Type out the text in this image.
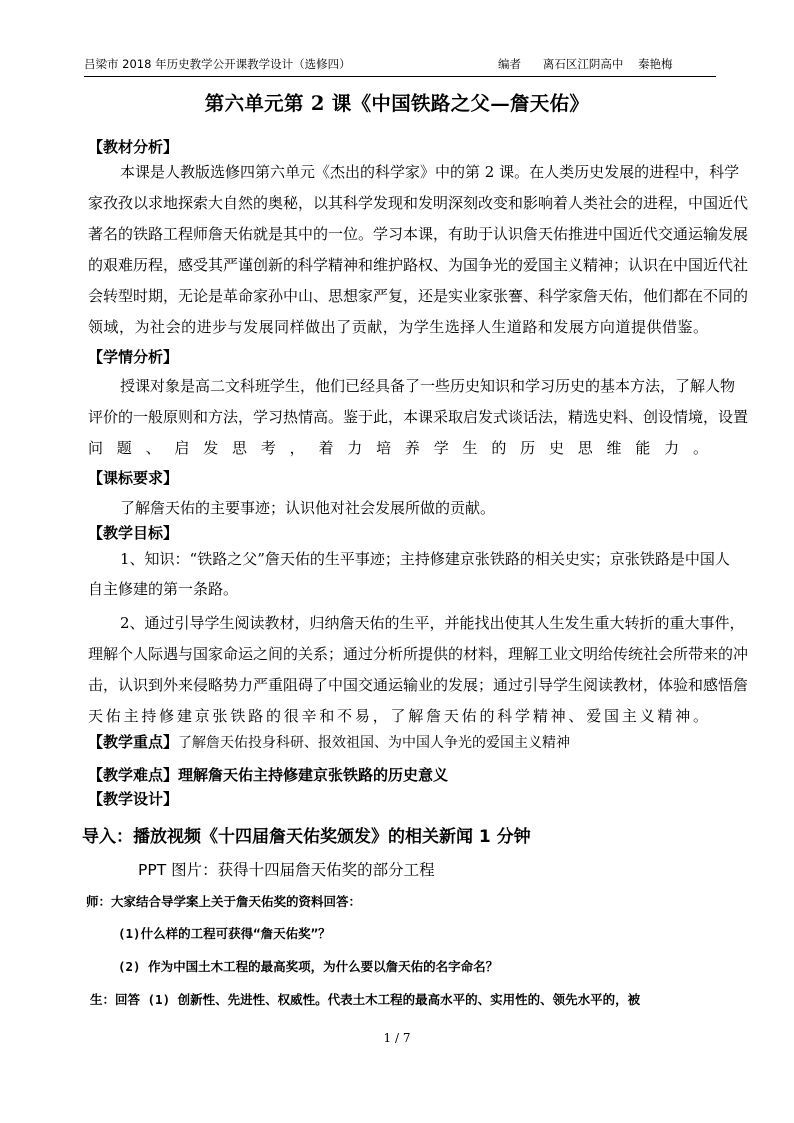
吕梁市 2018 年历史教学公开课教学设计（选修四）	编者      离石区江阴高中    秦艳梅
第六单元第 2 课《中国铁路之父—詹天佑》
【教材分析】
本课是人教版选修四第六单元《杰出的科学家》中的第 2 课。在人类历史发展的进程中，科学
家孜孜以求地探索大自然的奥秘，以其科学发现和发明深刻改变和影响着人类社会的进程，中国近代
著名的铁路工程师詹天佑就是其中的一位。学习本课，有助于认识詹天佑推进中国近代交通运输发展
的艰难历程，感受其严谨创新的科学精神和维护路权、为国争光的爱国主义精神；认识在中国近代社
会转型时期，无论是革命家孙中山、思想家严复，还是实业家张謇、科学家詹天佑，他们都在不同的
领域，为社会的进步与发展同样做出了贡献，为学生选择人生道路和发展方向道提供借鉴。
【学情分析】
授课对象是高二文科班学生，他们已经具备了一些历史知识和学习历史的基本方法，了解人物
评价的一般原则和方法，学习热情高。鉴于此，本课采取启发式谈话法，精选史料、创设情境，设置
问题、启发思考，着力培养学生的历史思维能力。
【课标要求】
了解詹天佑的主要事迹；认识他对社会发展所做的贡献。
【教学目标】
1、知识：“铁路之父”詹天佑的生平事迹；主持修建京张铁路的相关史实；京张铁路是中国人
自主修建的第一条路。
2、通过引导学生阅读教材，归纳詹天佑的生平，并能找出使其人生发生重大转折的重大事件，
理解个人际遇与国家命运之间的关系；通过分析所提供的材料，理解工业文明给传统社会所带来的冲
击，认识到外来侵略势力严重阻碍了中国交通运输业的发展；通过引导学生阅读教材，体验和感悟詹
天佑主持修建京张铁路的很辛和不易，了解詹天佑的科学精神、爱国主义精神。
【教学重点】了解詹天佑投身科研、报效祖国、为中国人争光的爱国主义精神
【教学难点】理解詹天佑主持修建京张铁路的历史意义
【教学设计】
导入：播放视频《十四届詹天佑奖颁发》的相关新闻 1 分钟
PPT 图片：获得十四届詹天佑奖的部分工程
师：大家结合导学案上关于詹天佑奖的资料回答：
(1)什么样的工程可获得“詹天佑奖”？
(2) 作为中国土木工程的最高奖项，为什么要以詹天佑的名字命名？
生：回答 (1) 创新性、先进性、权威性。代表土木工程的最高水平的、实用性的、领先水平的，被
1 / 7
